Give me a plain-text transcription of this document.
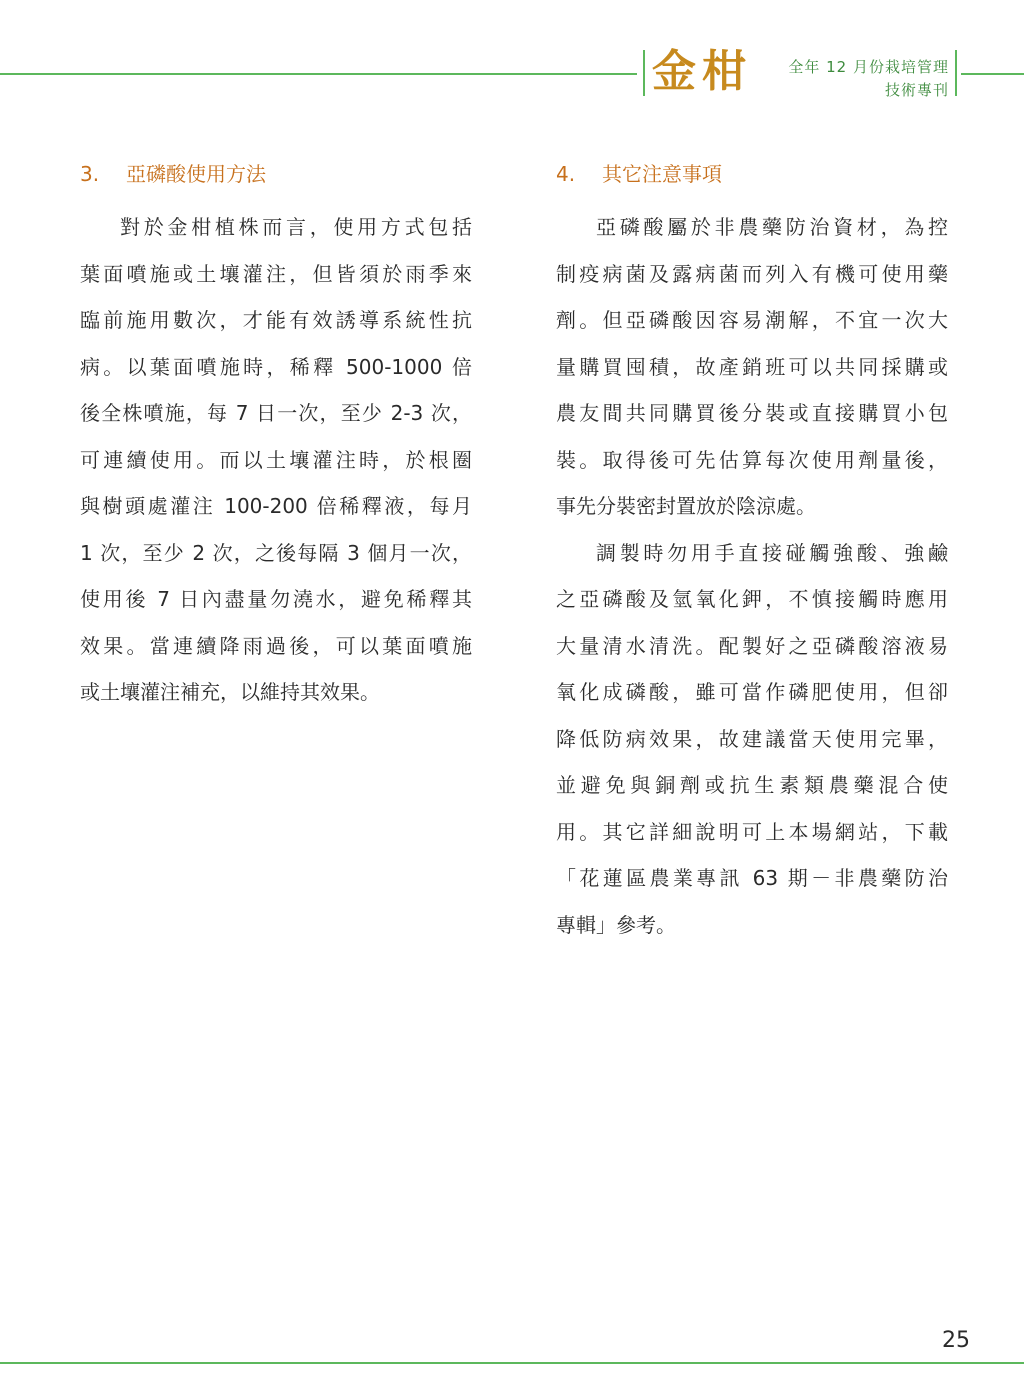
金柑	全年 12 月份栽培管理
技術專刊
3. 亞磷酸使用方法

對於金柑植株而言，使用方式包括
葉面噴施或土壤灌注，但皆須於雨季來
臨前施用數次，才能有效誘導系統性抗
病。以葉面噴施時，稀釋 500-1000 倍
後全株噴施，每 7 日一次，至少 2-3 次，
可連續使用。而以土壤灌注時，於根圈
與樹頭處灌注 100-200 倍稀釋液，每月
1 次，至少 2 次，之後每隔 3 個月一次，
使用後 7 日內盡量勿澆水，避免稀釋其
效果。當連續降雨過後，可以葉面噴施
或土壤灌注補充，以維持其效果。

4. 其它注意事項

亞磷酸屬於非農藥防治資材，為控
制疫病菌及露病菌而列入有機可使用藥
劑。但亞磷酸因容易潮解，不宜一次大
量購買囤積，故產銷班可以共同採購或
農友間共同購買後分裝或直接購買小包
裝。取得後可先估算每次使用劑量後，
事先分裝密封置放於陰涼處。

調製時勿用手直接碰觸強酸、強鹼
之亞磷酸及氫氧化鉀，不慎接觸時應用
大量清水清洗。配製好之亞磷酸溶液易
氧化成磷酸，雖可當作磷肥使用，但卻
降低防病效果，故建議當天使用完畢，
並避免與銅劑或抗生素類農藥混合使
用。其它詳細說明可上本場網站，下載
「花蓮區農業專訊 63 期－非農藥防治
專輯」參考。

25
